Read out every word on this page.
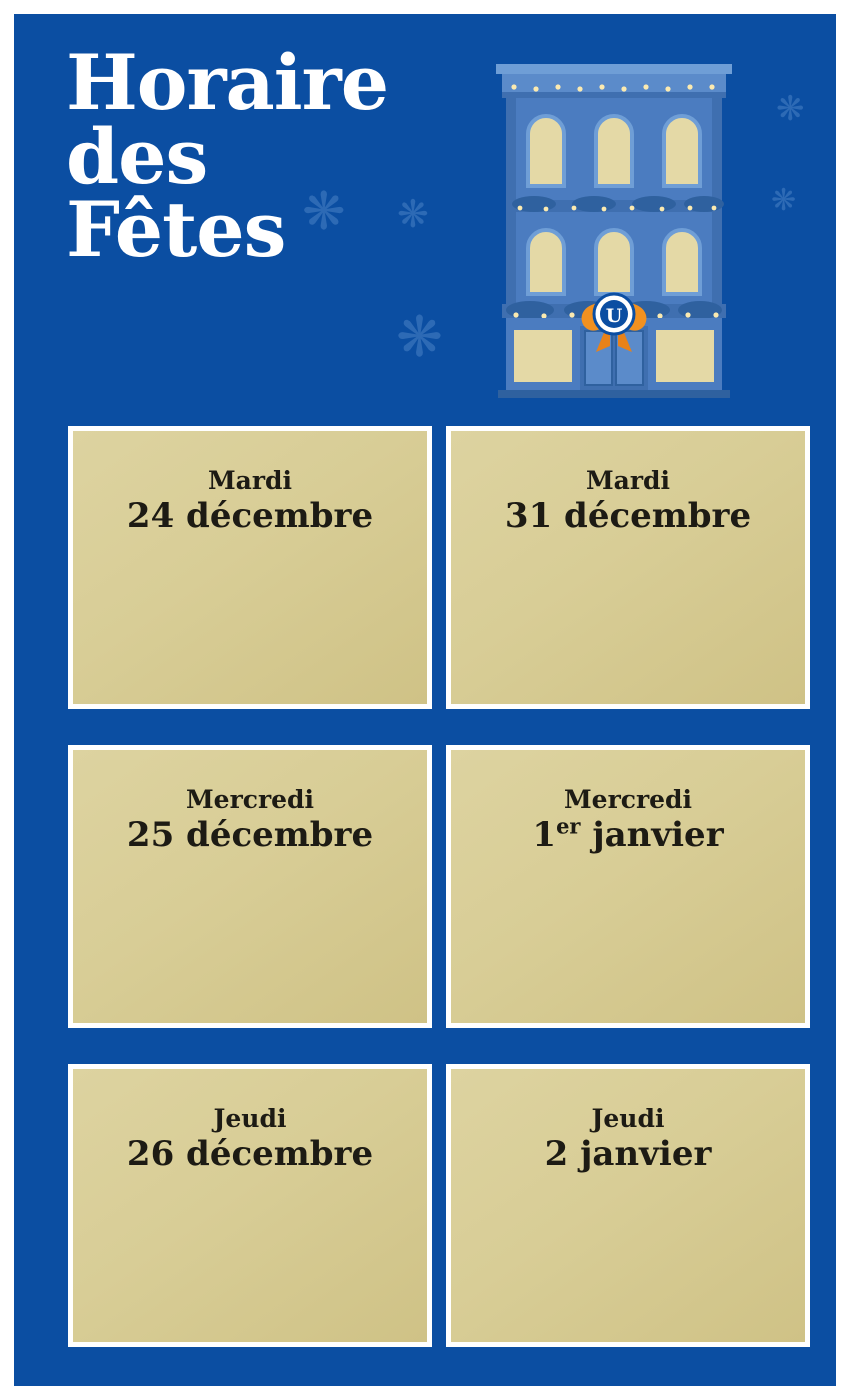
❋ ❋
❋
❋
❋
Horaire
des
Fêtes
U
Mardi
24 décembre
Mardi
31 décembre
Mercredi
25 décembre
Mercredi
1er janvier
Jeudi
26 décembre
Jeudi
2 janvier
